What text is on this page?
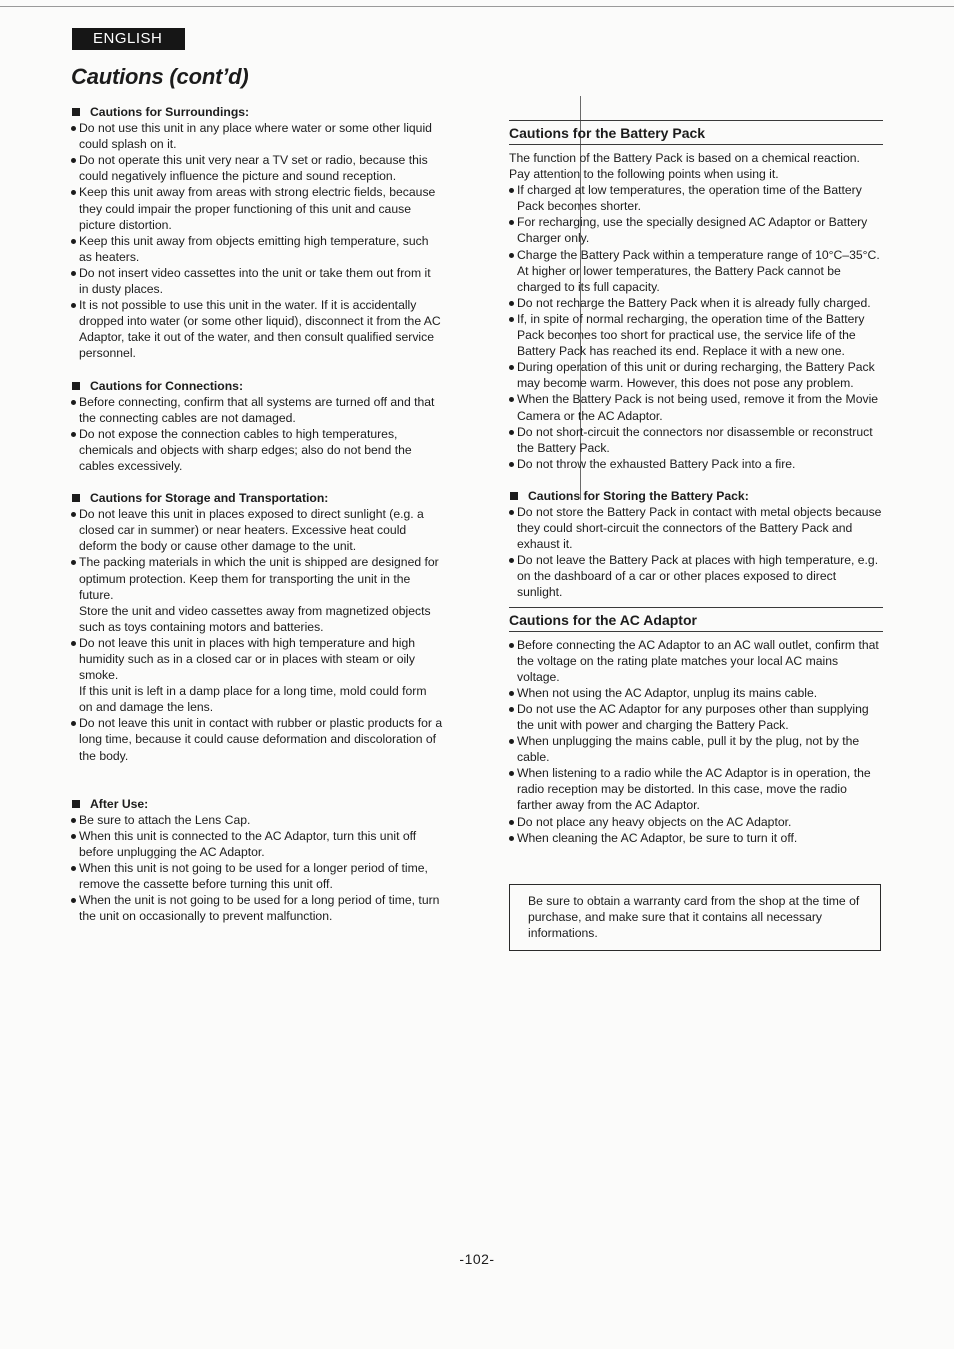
ENGLISH
Cautions (cont’d)

Cautions for Surroundings:

Do not use this unit in any place where water or some other liquid could splash on it.
Do not operate this unit very near a TV set or radio, because this could negatively influence the picture and sound reception.
Keep this unit away from areas with strong electric fields, because they could impair the proper functioning of this unit and cause picture distortion.
Keep this unit away from objects emitting high temperature, such as heaters.
Do not insert video cassettes into the unit or take them out from it in dusty places.
It is not possible to use this unit in the water. If it is accidentally dropped into water (or some other liquid), disconnect it from the AC Adaptor, take it out of the water, and then consult qualified service personnel.

Cautions for Connections:

Before connecting, confirm that all systems are turned off and that the connecting cables are not damaged.
Do not expose the connection cables to high temperatures, chemicals and objects with sharp edges; also do not bend the cables excessively.

Cautions for Storage and Transportation:

Do not leave this unit in places exposed to direct sunlight (e.g. a closed car in summer) or near heaters. Excessive heat could deform the body or cause other damage to the unit.
The packing materials in which the unit is shipped are designed for optimum protection. Keep them for transporting the unit in the future.

Store the unit and video cassettes away from magnetized objects such as toys containing motors and batteries.

Do not leave this unit in places with high temperature and high humidity such as in a closed car or in places with steam or oily smoke.

If this unit is left in a damp place for a long time, mold could form on and damage the lens.

Do not leave this unit in contact with rubber or plastic products for a long time, because it could cause deformation and discoloration of the body.

After Use:

Be sure to attach the Lens Cap.
When this unit is connected to the AC Adaptor, turn this unit off before unplugging the AC Adaptor.
When this unit is not going to be used for a longer period of time, remove the cassette before turning this unit off.
When the unit is not going to be used for a long period of time, turn the unit on occasionally to prevent malfunction.
Cautions for the Battery Pack

The function of the Battery Pack is based on a chemical reaction. Pay attention to the following points when using it.

If charged at low temperatures, the operation time of the Battery Pack becomes shorter.
For recharging, use the specially designed AC Adaptor or Battery Charger only.
Charge the Battery Pack within a temperature range of 10°C–35°C. At higher or lower temperatures, the Battery Pack cannot be charged to its full capacity.
Do not recharge the Battery Pack when it is already fully charged.
If, in spite of normal recharging, the operation time of the Battery Pack becomes too short for practical use, the service life of the Battery Pack has reached its end. Replace it with a new one.
During operation of this unit or during recharging, the Battery Pack may become warm. However, this does not pose any problem.
When the Battery Pack is not being used, remove it from the Movie Camera or the AC Adaptor.
Do not short-circuit the connectors nor disassemble or reconstruct the Battery Pack.
Do not throw the exhausted Battery Pack into a fire.

Cautions for Storing the Battery Pack:

Do not store the Battery Pack in contact with metal objects because they could short-circuit the connectors of the Battery Pack and exhaust it.
Do not leave the Battery Pack at places with high temperature, e.g. on the dashboard of a car or other places exposed to direct sunlight.
Cautions for the AC Adaptor
Before connecting the AC Adaptor to an AC wall outlet, confirm that the voltage on the rating plate matches your local AC mains voltage.
When not using the AC Adaptor, unplug its mains cable.
Do not use the AC Adaptor for any purposes other than supplying the unit with power and charging the Battery Pack.
When unplugging the mains cable, pull it by the plug, not by the cable.
When listening to a radio while the AC Adaptor is in operation, the radio reception may be distorted. In this case, move the radio farther away from the AC Adaptor.
Do not place any heavy objects on the AC Adaptor.
When cleaning the AC Adaptor, be sure to turn it off.

Be sure to obtain a warranty card from the shop at the time of purchase, and make sure that it contains all necessary informations.

-102-
